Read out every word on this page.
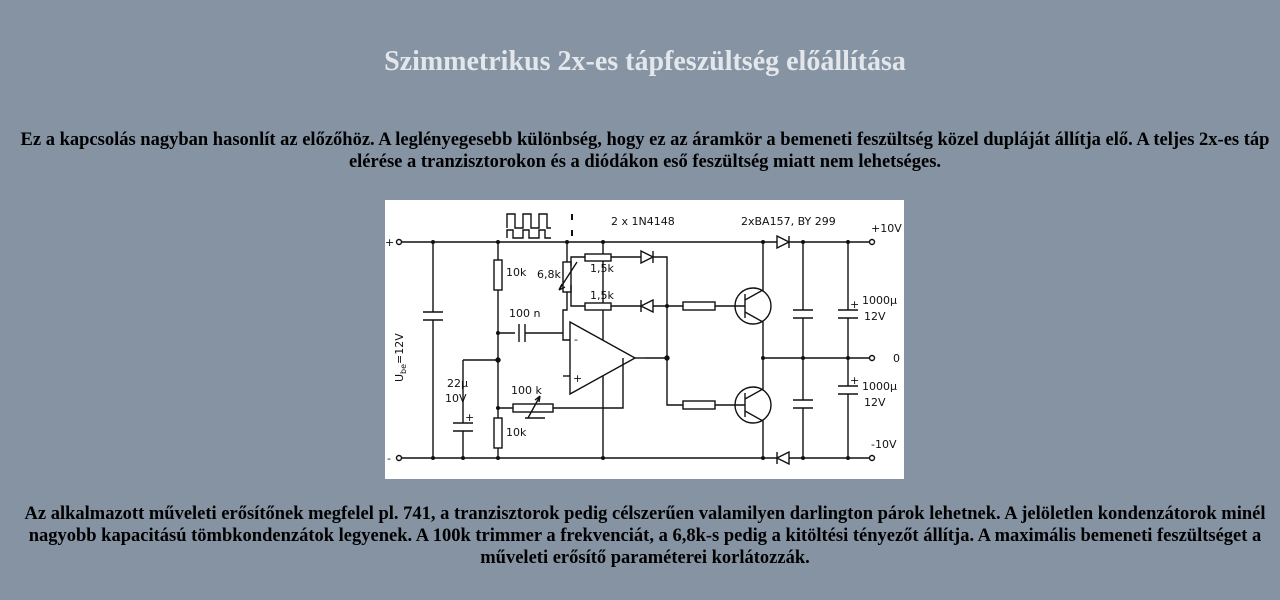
Szimmetrikus 2x-es tápfeszültség előállítása

Ez a kapcsolás nagyban hasonlít az előzőhöz. A leglényegesebb különbség, hogy ez az áramkör a bemeneti feszültség közel dupláját állítja elő. A teljes 2x-es táp elérése a tranzisztorokon és a diódákon eső feszültség miatt nem lehetséges.

+
-
$U_{be}=12V$
+
22μ
10V
10k
10k
100 n
-
+
6,8k	1,5k
1,5k
2 x 1N4148
100 k
2xBA157, BY 299
+
+
1000μ
12V
1000μ
12V
+10V
0
-10V

Az alkalmazott műveleti erősítőnek megfelel pl. 741, a tranzisztorok pedig célszerűen valamilyen darlington párok lehetnek. A jelöletlen kondenzátorok minél nagyobb kapacitású tömbkondenzátok legyenek. A 100k trimmer a frekvenciát, a 6,8k-s pedig a kitöltési tényezőt állítja. A maximális bemeneti feszültséget a műveleti erősítő paraméterei korlátozzák.
